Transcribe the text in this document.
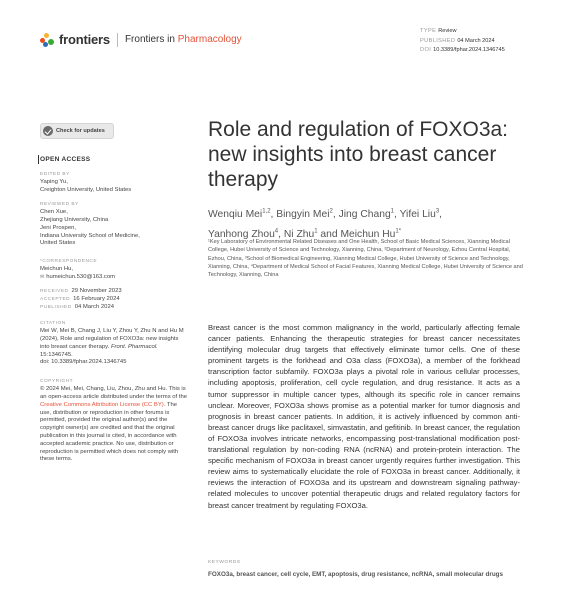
frontiers Frontiers in Pharmacology
TYPE Review
PUBLISHED 04 March 2024
DOI 10.3389/fphar.2024.1346745
Check for updates
OPEN ACCESS
EDITED BY
Yaping Yu,
Creighton University, United States
REVIEWED BY
Chen Xue,
Zhejiang University, China
Jeni Prospen,
Indiana University School of Medicine,
United States
*CORRESPONDENCE
Meichun Hu,
✉ humeichun.530@163.com
RECEIVED 29 November 2023
ACCEPTED 16 February 2024
PUBLISHED 04 March 2024
CITATION
Mei W, Mei B, Chang J, Liu Y, Zhou Y, Zhu N and Hu M (2024), Role and regulation of FOXO3a: new insights into breast cancer therapy. Front. Pharmacol. 15:1346745.
doi: 10.3389/fphar.2024.1346745
COPYRIGHT
© 2024 Mei, Mei, Chang, Liu, Zhou, Zhu and Hu. This is an open-access article distributed under the terms of the Creative Commons Attribution License (CC BY). The use, distribution or reproduction in other forums is permitted, provided the original author(s) and the copyright owner(s) are credited and that the original publication in this journal is cited, in accordance with accepted academic practice. No use, distribution or reproduction is permitted which does not comply with these terms.
Role and regulation of FOXO3a: new insights into breast cancer therapy
Wenqiu Mei$^{1,2}$, Bingyin Mei$^2$, Jing Chang$^1$, Yifei Liu$^3$,
Yanhong Zhou$^4$, Ni Zhu$^1$ and Meichun $Hu^{1*}$
¹Key Laboratory of Environmental Related Diseases and One Health, School of Basic Medical Sciences, Xianning Medical College, Hubei University of Science and Technology, Xianning, China, ²Department of Neurology, Ezhou Central Hospital, Ezhou, China, ³School of Biomedical Engineering, Xianning Medical College, Hubei University of Science and Technology, Xianning, China, ⁴Department of Medical School of Facial Features, Xianning Medical College, Hubei University of Science and Technology, Xianning, China
Breast cancer is the most common malignancy in the world, particularly affecting female cancer patients. Enhancing the therapeutic strategies for breast cancer necessitates identifying molecular drug targets that effectively eliminate tumor cells. One of these prominent targets is the forkhead and O3a class (FOXO3a), a member of the forkhead transcription factor subfamily. FOXO3a plays a pivotal role in various cellular processes, including apoptosis, proliferation, cell cycle regulation, and drug resistance. It acts as a tumor suppressor in multiple cancer types, although its specific role in cancer remains unclear. Moreover, FOXO3a shows promise as a potential marker for tumor diagnosis and prognosis in breast cancer patients. In addition, it is actively influenced by common anti-breast cancer drugs like paclitaxel, simvastatin, and gefitinib. In breast cancer, the regulation of FOXO3a involves intricate networks, encompassing post-translational modification post-translational regulation by non-coding RNA (ncRNA) and protein-protein interaction. The specific mechanism of FOXO3a in breast cancer urgently requires further investigation. This review aims to systematically elucidate the role of FOXO3a in breast cancer. Additionally, it reviews the interaction of FOXO3a and its upstream and downstream signaling pathway-related molecules to uncover potential therapeutic drugs and related regulatory factors for breast cancer treatment by regulating FOXO3a.
KEYWORDS
FOXO3a, breast cancer, cell cycle, EMT, apoptosis, drug resistance, ncRNA, small molecular drugs
